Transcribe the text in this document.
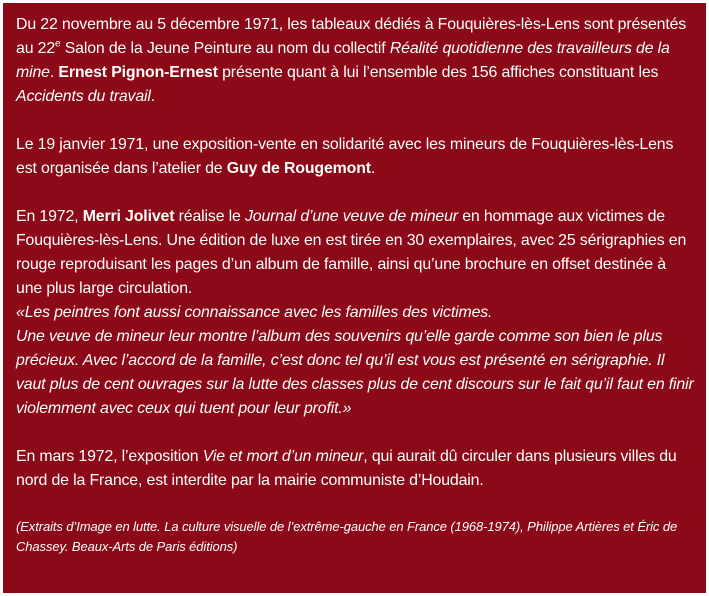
Du 22 novembre au 5 décembre 1971, les tableaux dédiés à Fouquières-lès-Lens sont présentés au 22e Salon de la Jeune Peinture au nom du collectif Réalité quotidienne des travailleurs de la mine. Ernest Pignon-Ernest présente quant à lui l’ensemble des 156 affiches constituant les Accidents du travail.

Le 19 janvier 1971, une exposition-vente en solidarité avec les mineurs de Fouquières-lès-Lens est organisée dans l’atelier de Guy de Rougemont.

En 1972, Merri Jolivet réalise le Journal d’une veuve de mineur en hommage aux victimes de Fouquières-lès-Lens. Une édition de luxe en est tirée en 30 exemplaires, avec 25 sérigraphies en rouge reproduisant les pages d’un album de famille, ainsi qu’une brochure en offset destinée à une plus large circulation.
«Les peintres font aussi connaissance avec les familles des victimes.
Une veuve de mineur leur montre l’album des souvenirs qu’elle garde comme son bien le plus précieux. Avec l’accord de la famille, c’est donc tel qu’il est vous est présenté en sérigraphie. Il vaut plus de cent ouvrages sur la lutte des classes plus de cent discours sur le fait qu’il faut en finir violemment avec ceux qui tuent pour leur profit.»

En mars 1972, l’exposition Vie et mort d’un mineur, qui aurait dû circuler dans plusieurs villes du nord de la France, est interdite par la mairie communiste d’Houdain.

(Extraits d’Image en lutte. La culture visuelle de l’extrême-gauche en France (1968-1974), Philippe Artières et Éric de Chassey. Beaux-Arts de Paris éditions)
